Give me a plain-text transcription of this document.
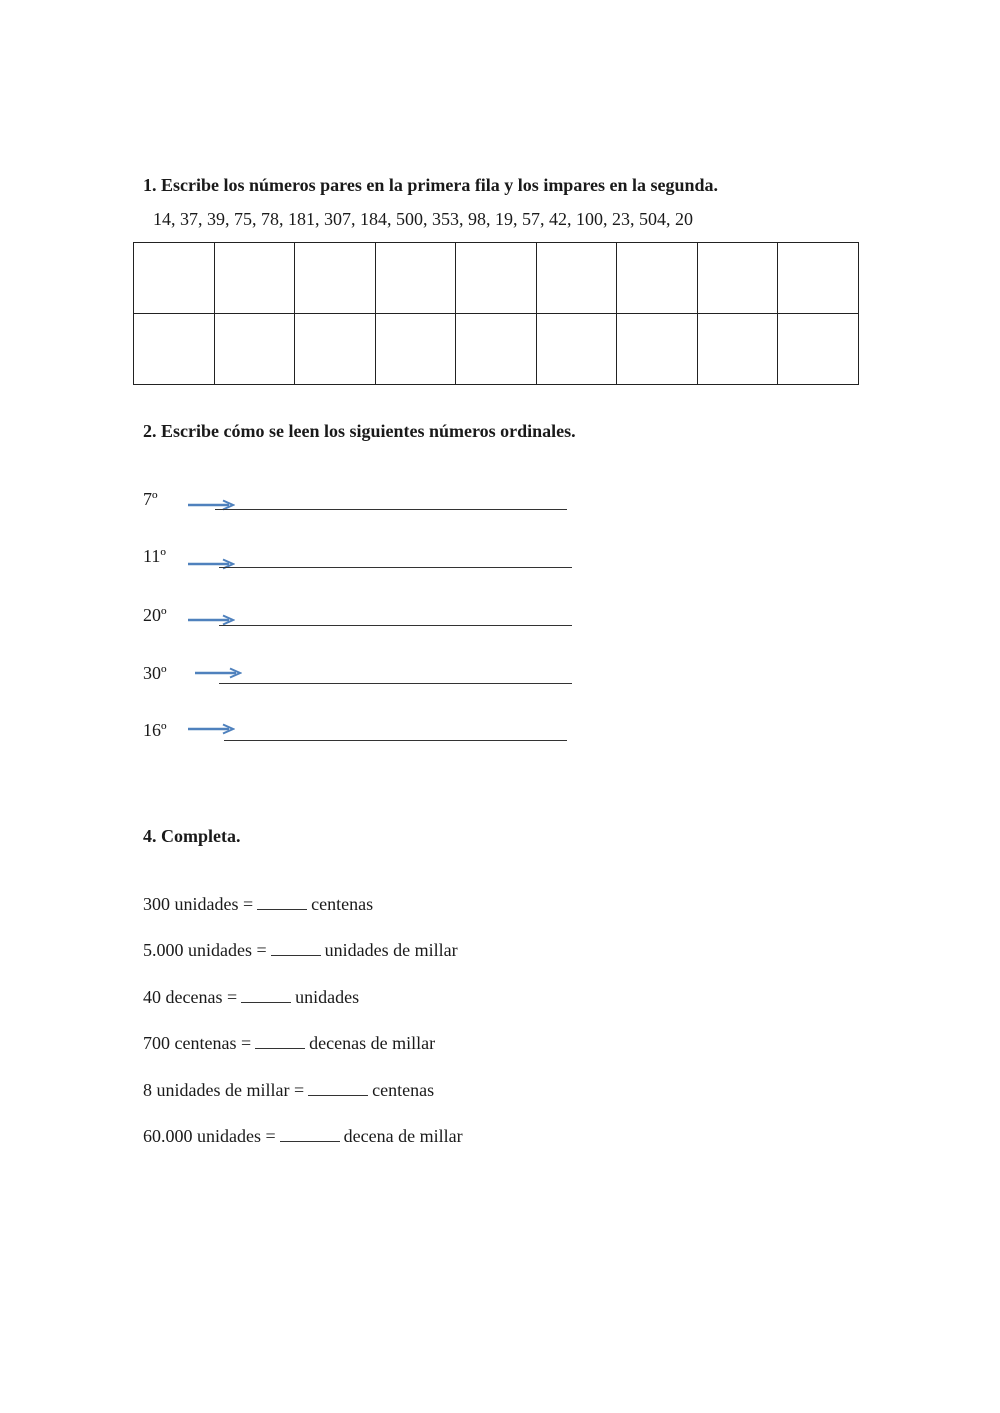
1. Escribe los números pares en la primera fila y los impares en la segunda.
14, 37, 39, 75, 78, 181, 307, 184, 500, 353, 98, 19, 57, 42, 100, 23, 504, 20

2. Escribe cómo se leen los siguientes números ordinales.
7º
11º
20º
30º
16º
4. Completa.
300 unidades =	centenas
5.000 unidades =	unidades de millar
40 decenas =	unidades
700 centenas =	decenas de millar
8 unidades de millar =	centenas
60.000 unidades =	decena de millar
